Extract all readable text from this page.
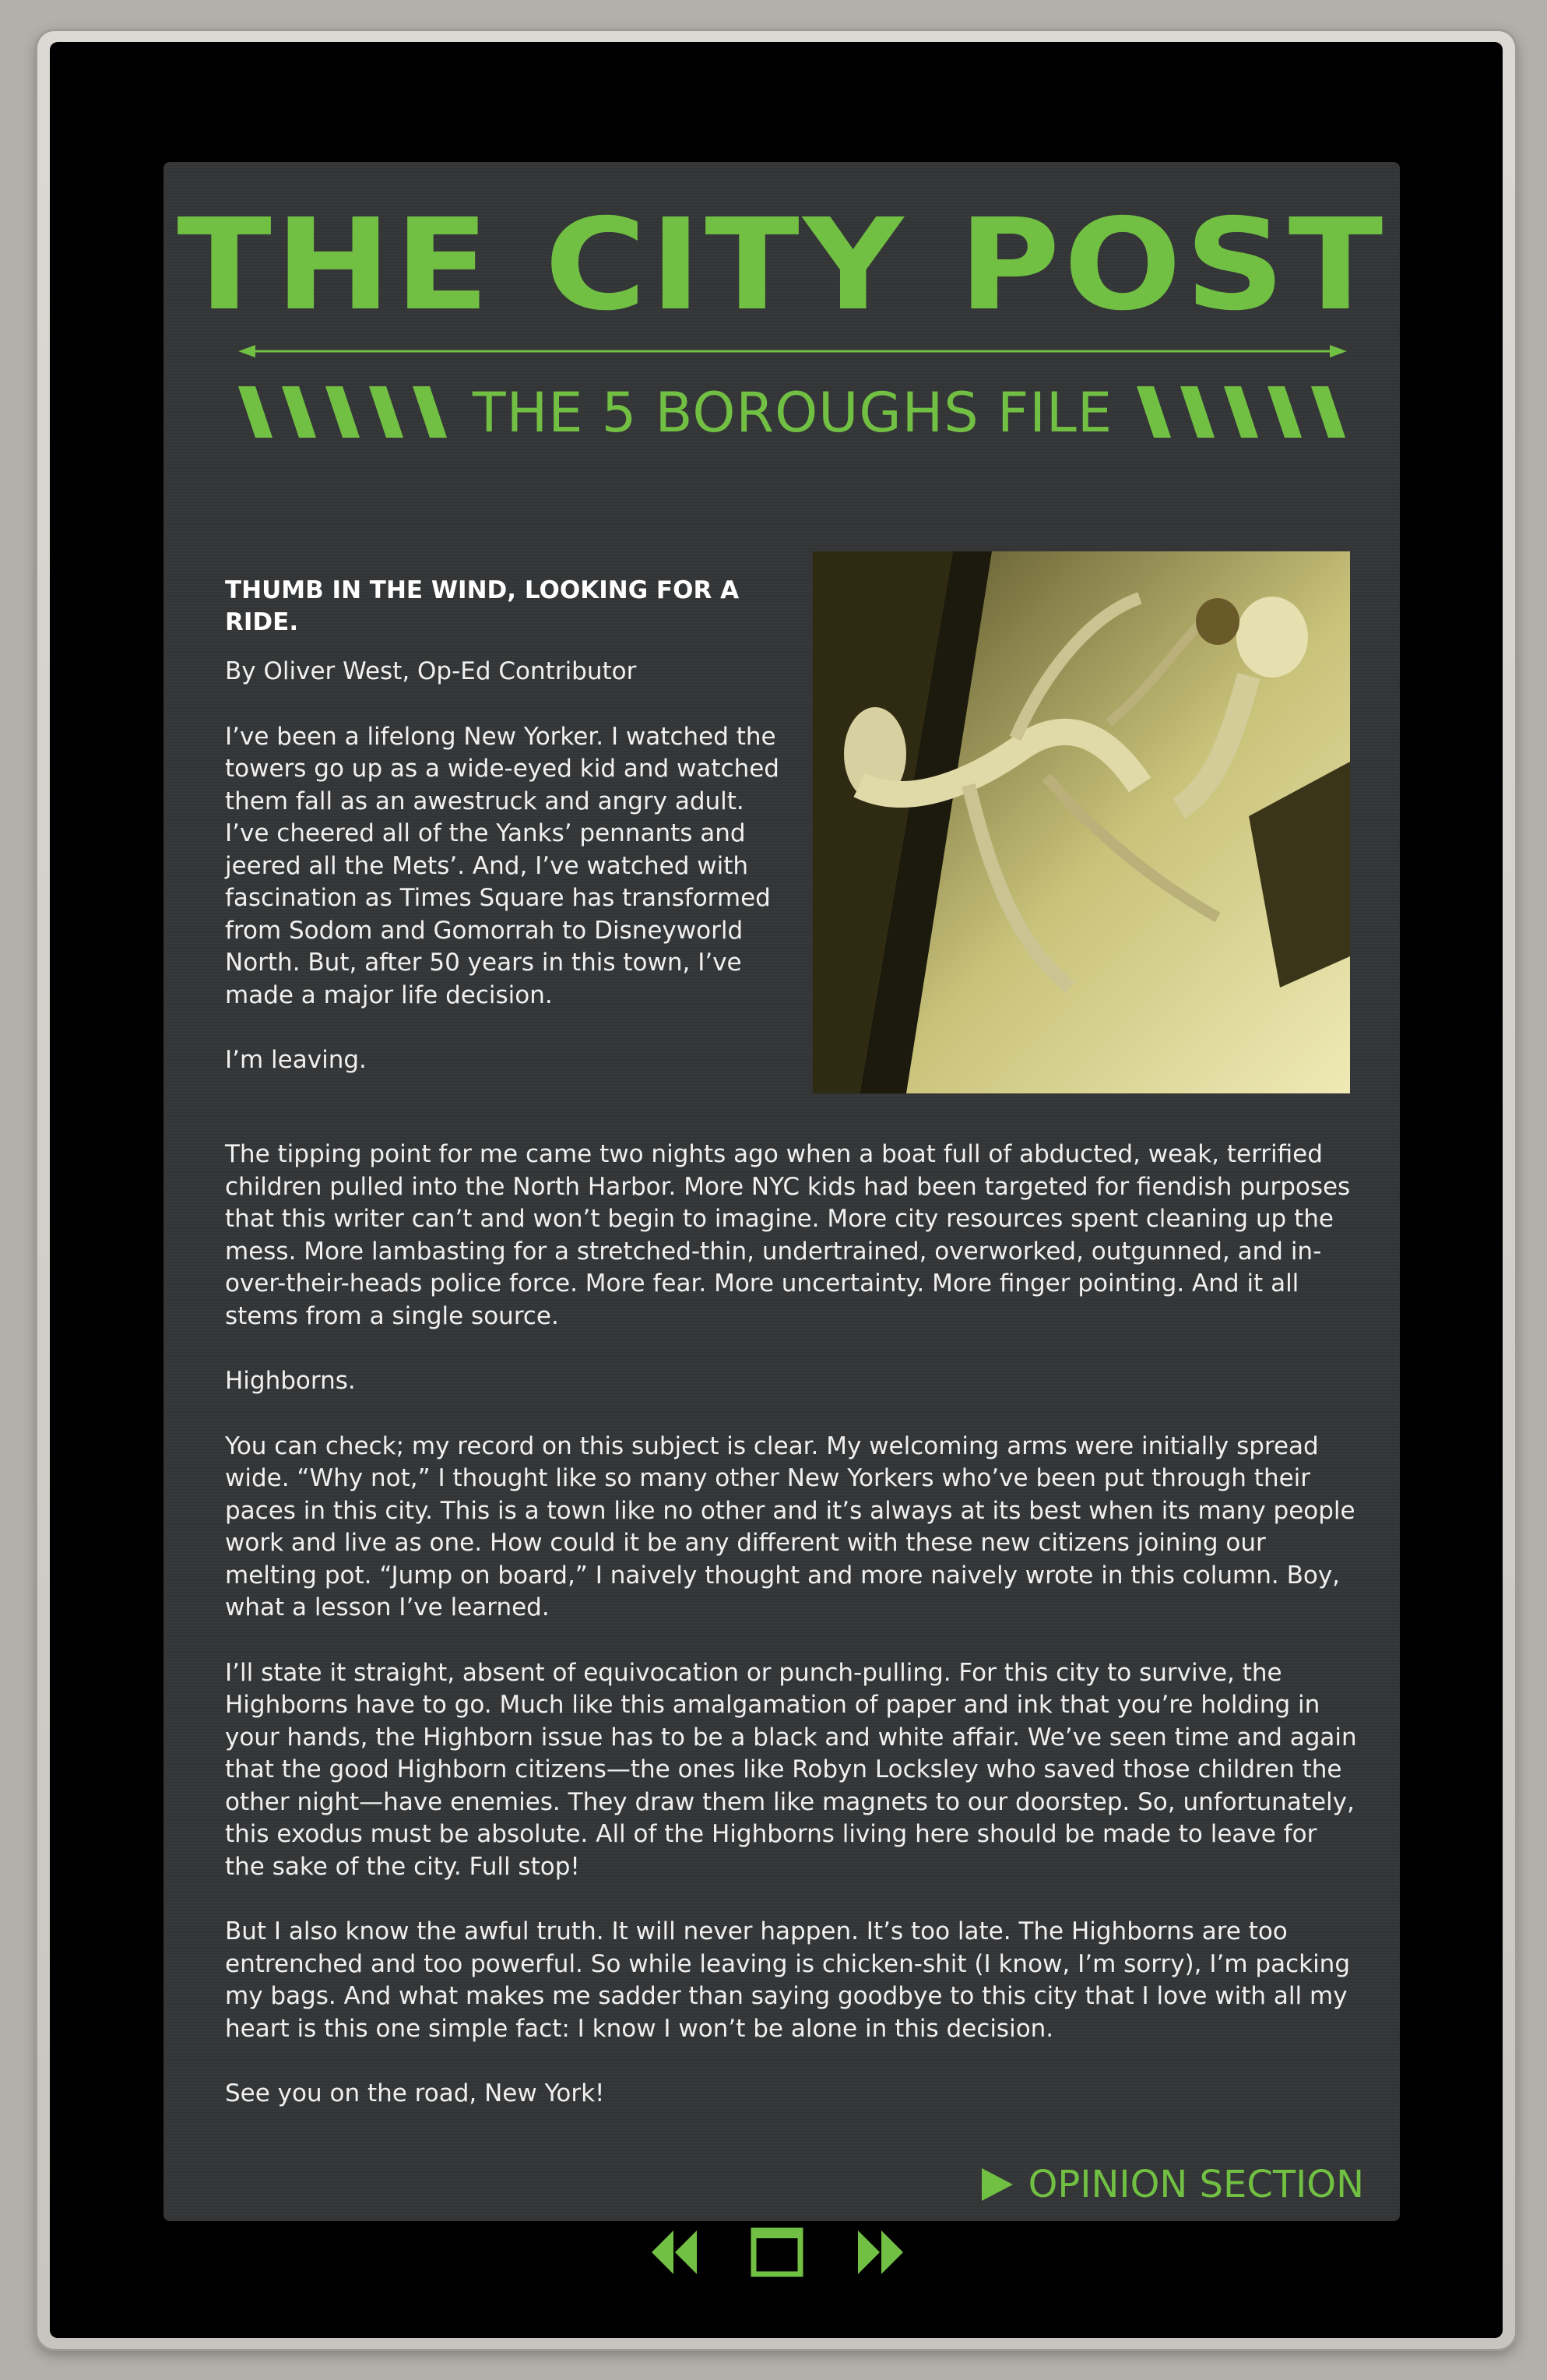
THE CITY POST
THE 5 BOROUGHS FILE
THUMB IN THE WIND, LOOKING FOR A RIDE.

By Oliver West, Op-Ed Contributor

I’ve been a lifelong New Yorker. I watched the towers go up as a wide-eyed kid and watched them fall as an awestruck and angry adult. I’ve cheered all of the Yanks’ pennants and jeered all the Mets’. And, I’ve watched with fascination as Times Square has transformed from Sodom and Gomorrah to Disneyworld North. But, after 50 years in this town, I’ve made a major life decision.

I’m leaving.

The tipping point for me came two nights ago when a boat full of abducted, weak, terrified children pulled into the North Harbor. More NYC kids had been targeted for fiendish purposes that this writer can’t and won’t begin to imagine. More city resources spent cleaning up the mess. More lambasting for a stretched-thin, undertrained, overworked, outgunned, and in-over-their-heads police force. More fear. More uncertainty. More finger pointing. And it all stems from a single source.

Highborns.

You can check; my record on this subject is clear. My welcoming arms were initially spread wide. “Why not,” I thought like so many other New Yorkers who’ve been put through their paces in this city. This is a town like no other and it’s always at its best when its many people work and live as one. How could it be any different with these new citizens joining our melting pot. “Jump on board,” I naively thought and more naively wrote in this column. Boy, what a lesson I’ve learned.

I’ll state it straight, absent of equivocation or punch-pulling. For this city to survive, the Highborns have to go. Much like this amalgamation of paper and ink that you’re holding in your hands, the Highborn issue has to be a black and white affair. We’ve seen time and again that the good Highborn citizens—the ones like Robyn Locksley who saved those children the other night—have enemies. They draw them like magnets to our doorstep. So, unfortunately, this exodus must be absolute. All of the Highborns living here should be made to leave for the sake of the city. Full stop!

But I also know the awful truth. It will never happen. It’s too late. The Highborns are too entrenched and too powerful. So while leaving is chicken-shit (I know, I’m sorry), I’m packing my bags. And what makes me sadder than saying goodbye to this city that I love with all my heart is this one simple fact: I know I won’t be alone in this decision.

See you on the road, New York!

OPINION SECTION
